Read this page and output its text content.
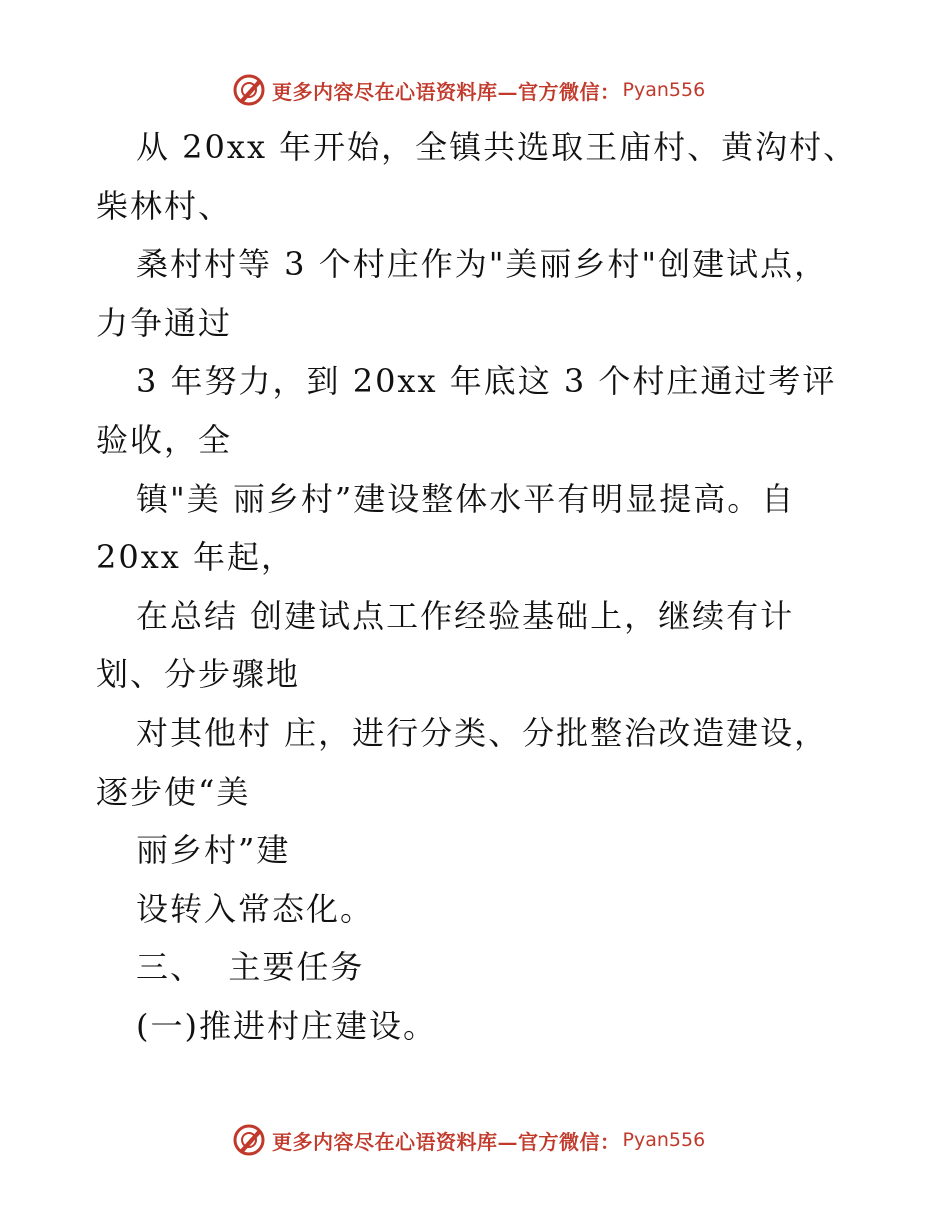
更多内容尽在心语资料库—官方微信： Pyan556
从 20xx 年开始，全镇共选取王庙村、黄沟村、
柴林村、
桑村村等 3 个村庄作为"美丽乡村"创建试点，
力争通过
3 年努力，到 20xx 年底这 3 个村庄通过考评
验收，全
镇"美 丽乡村”建设整体水平有明显提高。自
20xx 年起，
在总结 创建试点工作经验基础上，继续有计
划、分步骤地
对其他村 庄，进行分类、分批整治改造建设，
逐步使“美
丽乡村”建
设转入常态化。
三、  主要任务
(一)推进村庄建设。
更多内容尽在心语资料库—官方微信： Pyan556
